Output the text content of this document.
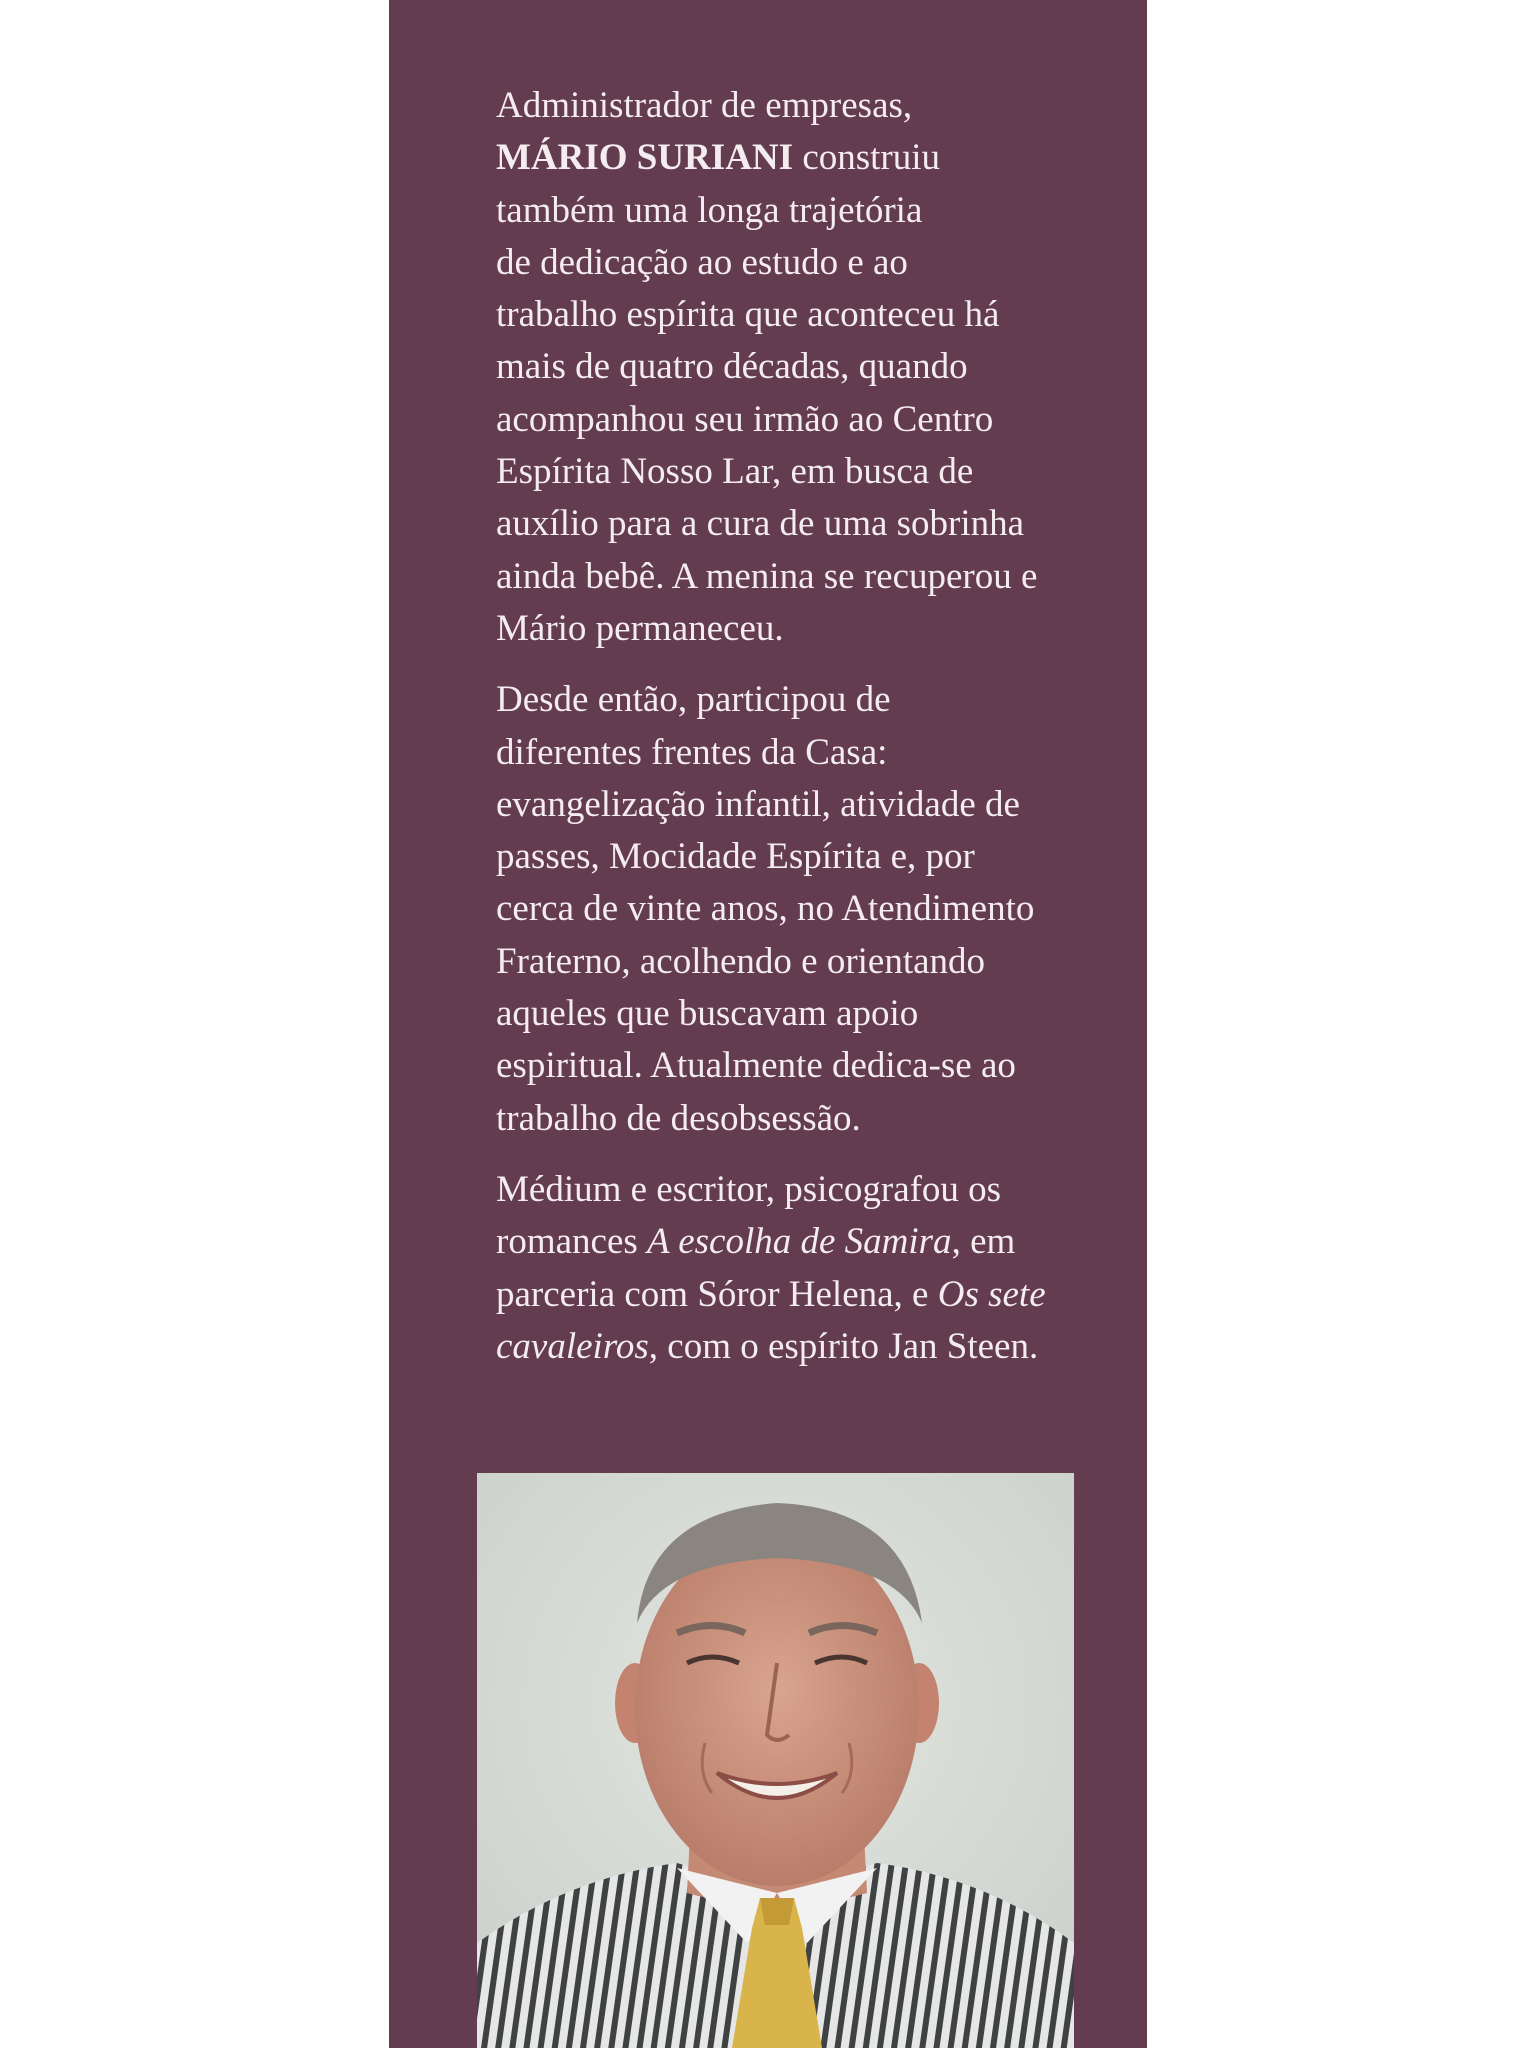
Administrador de empresas,
MÁRIO SURIANI construiu
também uma longa trajetória
de dedicação ao estudo e ao
trabalho espírita que aconteceu há
mais de quatro décadas, quando
acompanhou seu irmão ao Centro
Espírita Nosso Lar, em busca de
auxílio para a cura de uma sobrinha
ainda bebê. A menina se recuperou e
Mário permaneceu.

Desde então, participou de
diferentes frentes da Casa:
evangelização infantil, atividade de
passes, Mocidade Espírita e, por
cerca de vinte anos, no Atendimento
Fraterno, acolhendo e orientando
aqueles que buscavam apoio
espiritual. Atualmente dedica-se ao
trabalho de desobsessão.

Médium e escritor, psicografou os
romances A escolha de Samira, em
parceria com Sóror Helena, e Os sete
cavaleiros, com o espírito Jan Steen.
